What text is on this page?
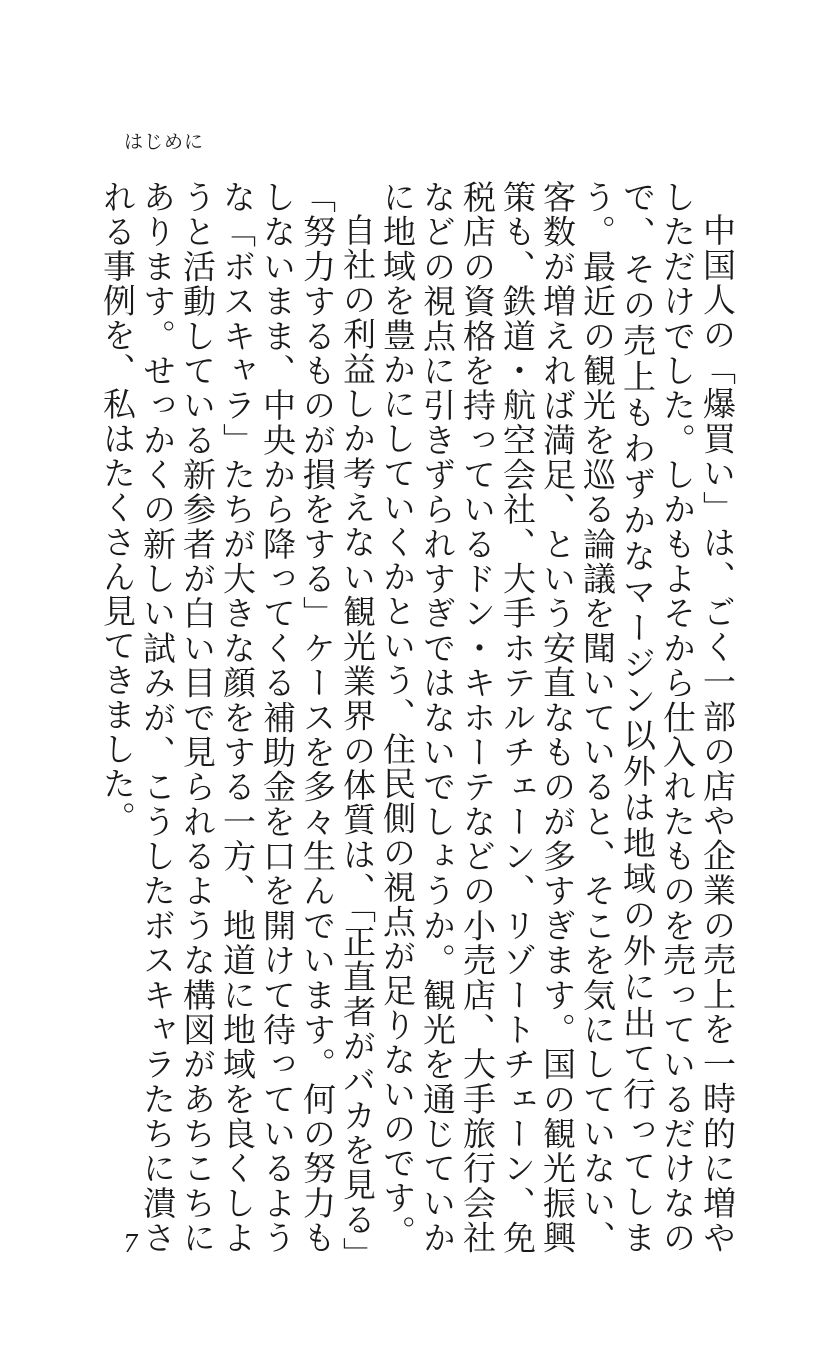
はじめに

中国人の「爆買い」は、ごく一部の店や企業の売上を一時的に増やしただけでした。しかもよそから仕入れたものを売っているだけなので、その売上もわずかなマージン以外は地域の外に出て行ってしまう。最近の観光を巡る論議を聞いていると、そこを気にしていない、客数が増えれば満足、という安直なものが多すぎます。国の観光振興策も、鉄道・航空会社、大手ホテルチェーン、リゾートチェーン、免税店の資格を持っているドン・キホーテなどの小売店、大手旅行会社などの視点に引きずられすぎではないでしょうか。観光を通じていかに地域を豊かにしていくかという、住民側の視点が足りないのです。

自社の利益しか考えない観光業界の体質は、「正直者がバカを見る」「努力するものが損をする」ケースを多々生んでいます。何の努力もしないまま、中央から降ってくる補助金を口を開けて待っているような「ボスキャラ」たちが大きな顔をする一方、地道に地域を良くしようと活動している新参者が白い目で見られるような構図があちこちにあります。せっかくの新しい試みが、こうしたボスキャラたちに潰される事例を、私はたくさん見てきました。

7
